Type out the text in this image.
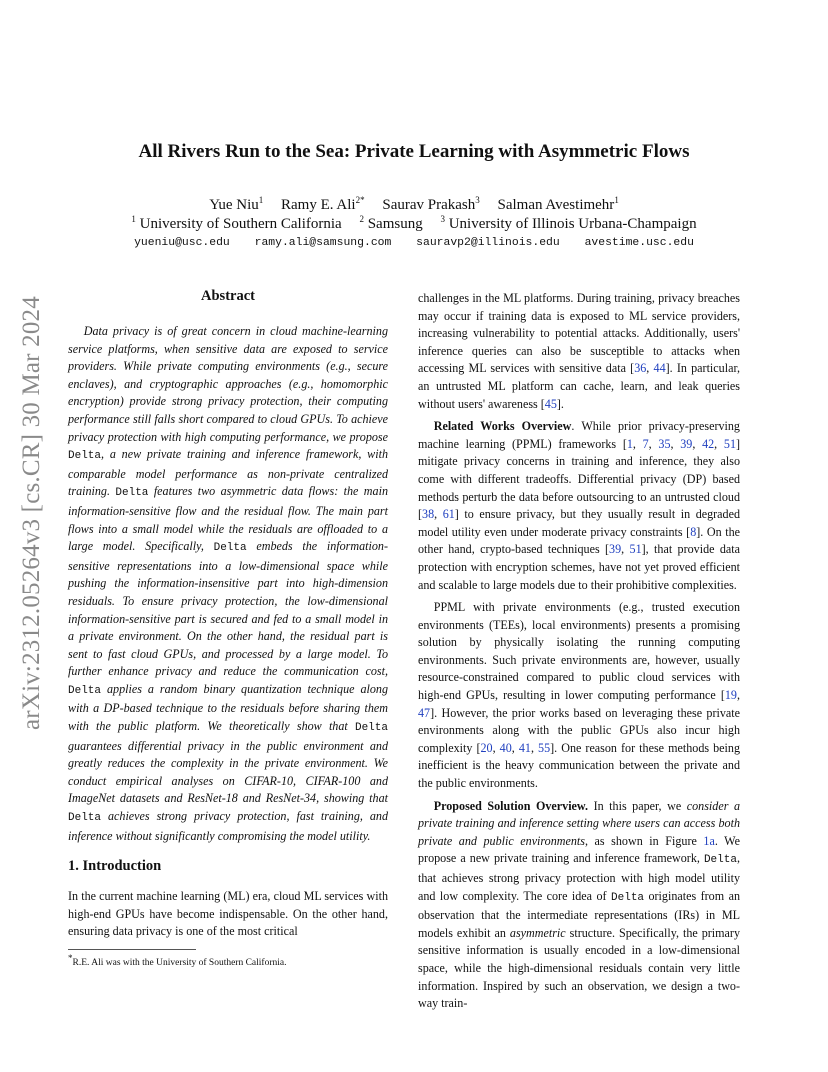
arXiv:2312.05264v3 [cs.CR] 30 Mar 2024
All Rivers Run to the Sea: Private Learning with Asymmetric Flows
Yue Niu$^1$ Ramy E. Ali$^{2*}$ Saurav Prakash$^3$ Salman Avestimehr$^1$
$^1$ University of Southern California $^2$ Samsung $^3$ University of Illinois Urbana-Champaign
yueniu@usc.edu ramy.ali@samsung.com sauravp2@illinois.edu avestime.usc.edu
Abstract

Data privacy is of great concern in cloud machine-learning service platforms, when sensitive data are exposed to service providers. While private computing environments (e.g., secure enclaves), and cryptographic approaches (e.g., homomorphic encryption) provide strong privacy protection, their computing performance still falls short compared to cloud GPUs. To achieve privacy protection with high computing performance, we propose Delta, a new private training and inference framework, with comparable model performance as non-private centralized training. Delta features two asymmetric data flows: the main information-sensitive flow and the residual flow. The main part flows into a small model while the residuals are offloaded to a large model. Specifically, Delta embeds the information-sensitive representations into a low-dimensional space while pushing the information-insensitive part into high-dimension residuals. To ensure privacy protection, the low-dimensional information-sensitive part is secured and fed to a small model in a private environment. On the other hand, the residual part is sent to fast cloud GPUs, and processed by a large model. To further enhance privacy and reduce the communication cost, Delta applies a random binary quantization technique along with a DP-based technique to the residuals before sharing them with the public platform. We theoretically show that Delta guarantees differential privacy in the public environment and greatly reduces the complexity in the private environment. We conduct empirical analyses on CIFAR-10, CIFAR-100 and ImageNet datasets and ResNet-18 and ResNet-34, showing that Delta achieves strong privacy protection, fast training, and inference without significantly compromising the model utility.

1. Introduction

In the current machine learning (ML) era, cloud ML services with high-end GPUs have become indispensable. On the other hand, ensuring data privacy is one of the most critical

*R.E. Ali was with the University of Southern California.

challenges in the ML platforms. During training, privacy breaches may occur if training data is exposed to ML service providers, increasing vulnerability to potential attacks. Additionally, users' inference queries can also be susceptible to attacks when accessing ML services with sensitive data [36, 44]. In particular, an untrusted ML platform can cache, learn, and leak queries without users' awareness [45].

Related Works Overview. While prior privacy-preserving machine learning (PPML) frameworks [1, 7, 35, 39, 42, 51] mitigate privacy concerns in training and inference, they also come with different tradeoffs. Differential privacy (DP) based methods perturb the data before outsourcing to an untrusted cloud [38, 61] to ensure privacy, but they usually result in degraded model utility even under moderate privacy constraints [8]. On the other hand, crypto-based techniques [39, 51], that provide data protection with encryption schemes, have not yet proved efficient and scalable to large models due to their prohibitive complexities.

PPML with private environments (e.g., trusted execution environments (TEEs), local environments) presents a promising solution by physically isolating the running computing environments. Such private environments are, however, usually resource-constrained compared to public cloud services with high-end GPUs, resulting in lower computing performance [19, 47]. However, the prior works based on leveraging these private environments along with the public GPUs also incur high complexity [20, 40, 41, 55]. One reason for these methods being inefficient is the heavy communication between the private and the public environments.

Proposed Solution Overview. In this paper, we consider a private training and inference setting where users can access both private and public environments, as shown in Figure 1a. We propose a new private training and inference framework, Delta, that achieves strong privacy protection with high model utility and low complexity. The core idea of Delta originates from an observation that the intermediate representations (IRs) in ML models exhibit an asymmetric structure. Specifically, the primary sensitive information is usually encoded in a low-dimensional space, while the high-dimensional residuals contain very little information. Inspired by such an observation, we design a two-way train-
